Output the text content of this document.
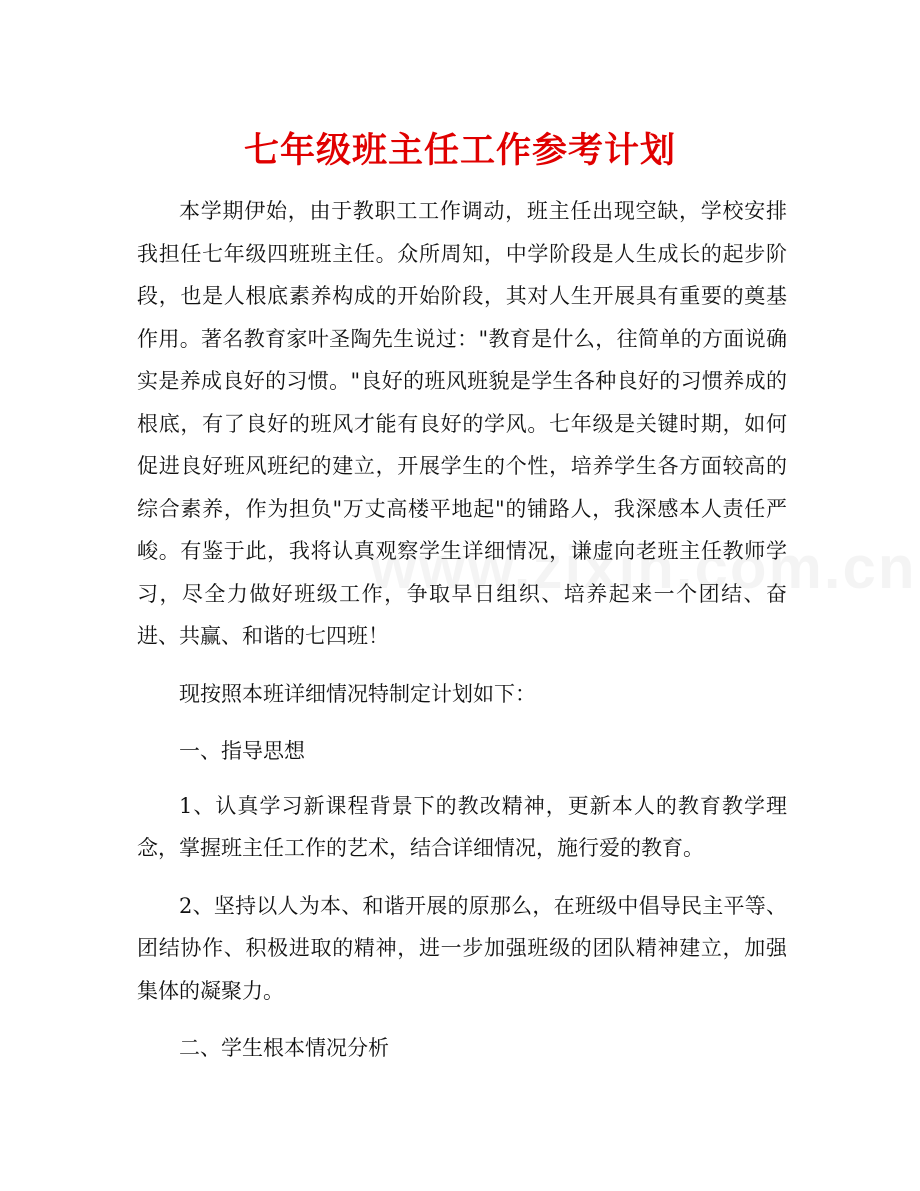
七年级班主任工作参考计划

本学期伊始，由于教职工工作调动，班主任出现空缺，学校安排我担任七年级四班班主任。众所周知，中学阶段是人生成长的起步阶段，也是人根底素养构成的开始阶段，其对人生开展具有重要的奠基作用。著名教育家叶圣陶先生说过："教育是什么，往简单的方面说确实是养成良好的习惯。"良好的班风班貌是学生各种良好的习惯养成的根底，有了良好的班风才能有良好的学风。七年级是关键时期，如何促进良好班风班纪的建立，开展学生的个性，培养学生各方面较高的综合素养，作为担负"万丈高楼平地起"的铺路人，我深感本人责任严峻。有鉴于此，我将认真观察学生详细情况，谦虚向老班主任教师学习，尽全力做好班级工作，争取早日组织、培养起来一个团结、奋进、共赢、和谐的七四班！

现按照本班详细情况特制定计划如下：

一、指导思想

1、认真学习新课程背景下的教改精神，更新本人的教育教学理念，掌握班主任工作的艺术，结合详细情况，施行爱的教育。

2、坚持以人为本、和谐开展的原那么，在班级中倡导民主平等、团结协作、积极进取的精神，进一步加强班级的团队精神建立，加强集体的凝聚力。

二、学生根本情况分析
